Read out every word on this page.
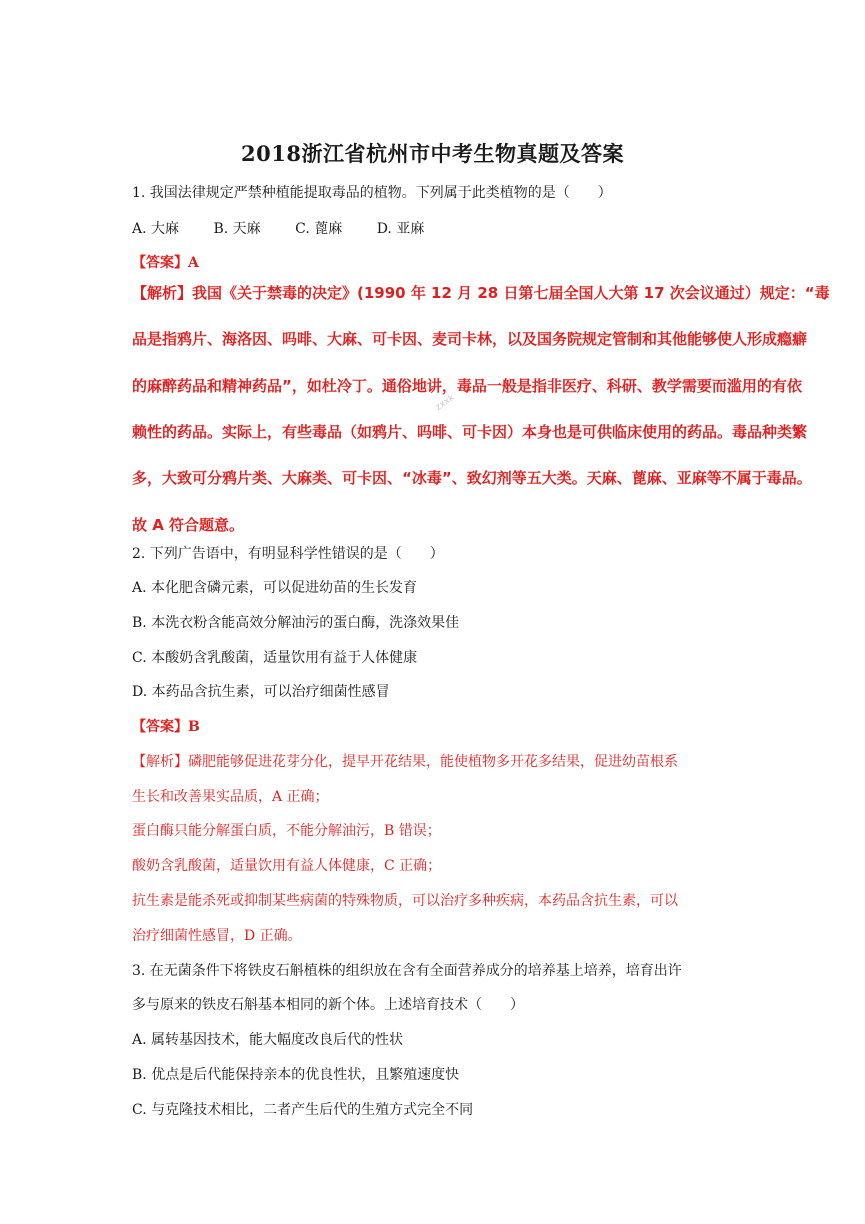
2018浙江省杭州市中考生物真题及答案
zxxk
1. 我国法律规定严禁种植能提取毒品的植物。下列属于此类植物的是（　　）
A. 大麻 B. 天麻 C. 蓖麻 D. 亚麻
【答案】A
【解析】我国《关于禁毒的决定》(1990 年 12 月 28 日第七届全国人大第 17 次会议通过）规定：“毒
品是指鸦片、海洛因、吗啡、大麻、可卡因、麦司卡林，以及国务院规定管制和其他能够使人形成瘾癖
的麻醉药品和精神药品”，如杜冷丁。通俗地讲，毒品一般是指非医疗、科研、教学需要而滥用的有依
赖性的药品。实际上，有些毒品（如鸦片、吗啡、可卡因）本身也是可供临床使用的药品。毒品种类繁
多，大致可分鸦片类、大麻类、可卡因、“冰毒”、致幻剂等五大类。天麻、蓖麻、亚麻等不属于毒品。
故 A 符合题意。
2. 下列广告语中，有明显科学性错误的是（　　）
A. 本化肥含磷元素，可以促进幼苗的生长发育
B. 本洗衣粉含能高效分解油污的蛋白酶，洗涤效果佳
C. 本酸奶含乳酸菌，适量饮用有益于人体健康
D. 本药品含抗生素，可以治疗细菌性感冒
【答案】B
【解析】磷肥能够促进花芽分化，提早开花结果，能使植物多开花多结果，促进幼苗根系
生长和改善果实品质，A 正确；
蛋白酶只能分解蛋白质，不能分解油污，B 错误；
酸奶含乳酸菌，适量饮用有益人体健康，C 正确；
抗生素是能杀死或抑制某些病菌的特殊物质，可以治疗多种疾病，本药品含抗生素，可以
治疗细菌性感冒，D 正确。
3. 在无菌条件下将铁皮石斛植株的组织放在含有全面营养成分的培养基上培养，培育出许
多与原来的铁皮石斛基本相同的新个体。上述培育技术（　　）
A. 属转基因技术，能大幅度改良后代的性状
B. 优点是后代能保持亲本的优良性状，且繁殖速度快
C. 与克隆技术相比，二者产生后代的生殖方式完全不同
